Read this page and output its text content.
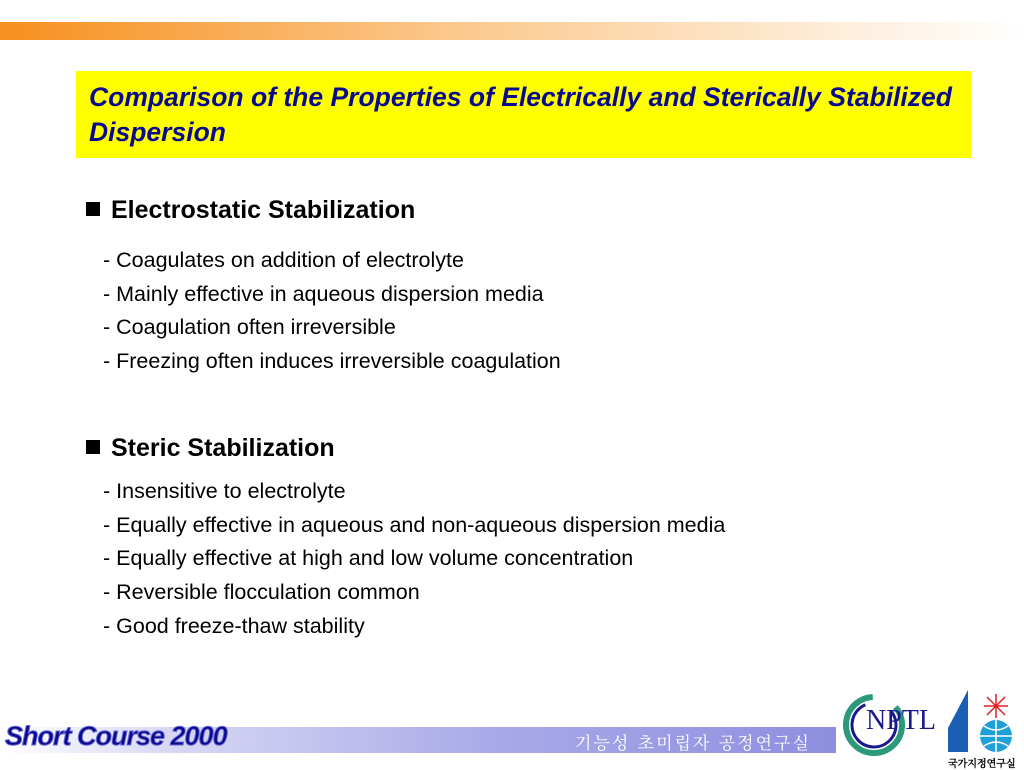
Comparison of the Properties of Electrically and Sterically Stabilized Dispersion
Electrostatic Stabilization
- Coagulates on addition of electrolyte
- Mainly effective in aqueous dispersion media
- Coagulation often irreversible
- Freezing often induces irreversible coagulation
Steric Stabilization
- Insensitive to electrolyte
- Equally effective in aqueous and non-aqueous dispersion media
- Equally effective at high and low volume concentration
- Reversible flocculation common
- Good freeze-thaw stability
Short Course 2000	기능성 초미립자 공정연구실
NPTL
국가지정연구실
